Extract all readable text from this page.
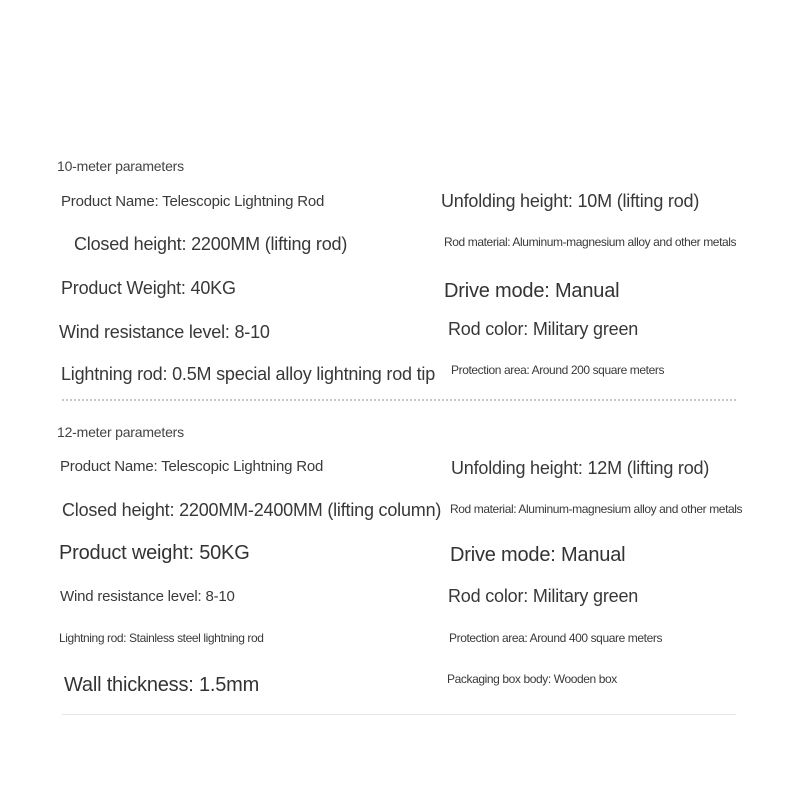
10-meter parameters
Product Name: Telescopic Lightning Rod
Closed height: 2200MM (lifting rod)
Product Weight: 40KG
Wind resistance level: 8-10
Lightning rod: 0.5M special alloy lightning rod tip
Unfolding height: 10M (lifting rod)
Rod material: Aluminum-magnesium alloy and other metals
Drive mode: Manual
Rod color: Military green
Protection area: Around 200 square meters
12-meter parameters
Product Name: Telescopic Lightning Rod
Closed height: 2200MM-2400MM (lifting column)
Product weight: 50KG
Wind resistance level: 8-10
Lightning rod: Stainless steel lightning rod
Wall thickness: 1.5mm
Unfolding height: 12M (lifting rod)
Rod material: Aluminum-magnesium alloy and other metals
Drive mode: Manual
Rod color: Military green
Protection area: Around 400 square meters
Packaging box body: Wooden box
